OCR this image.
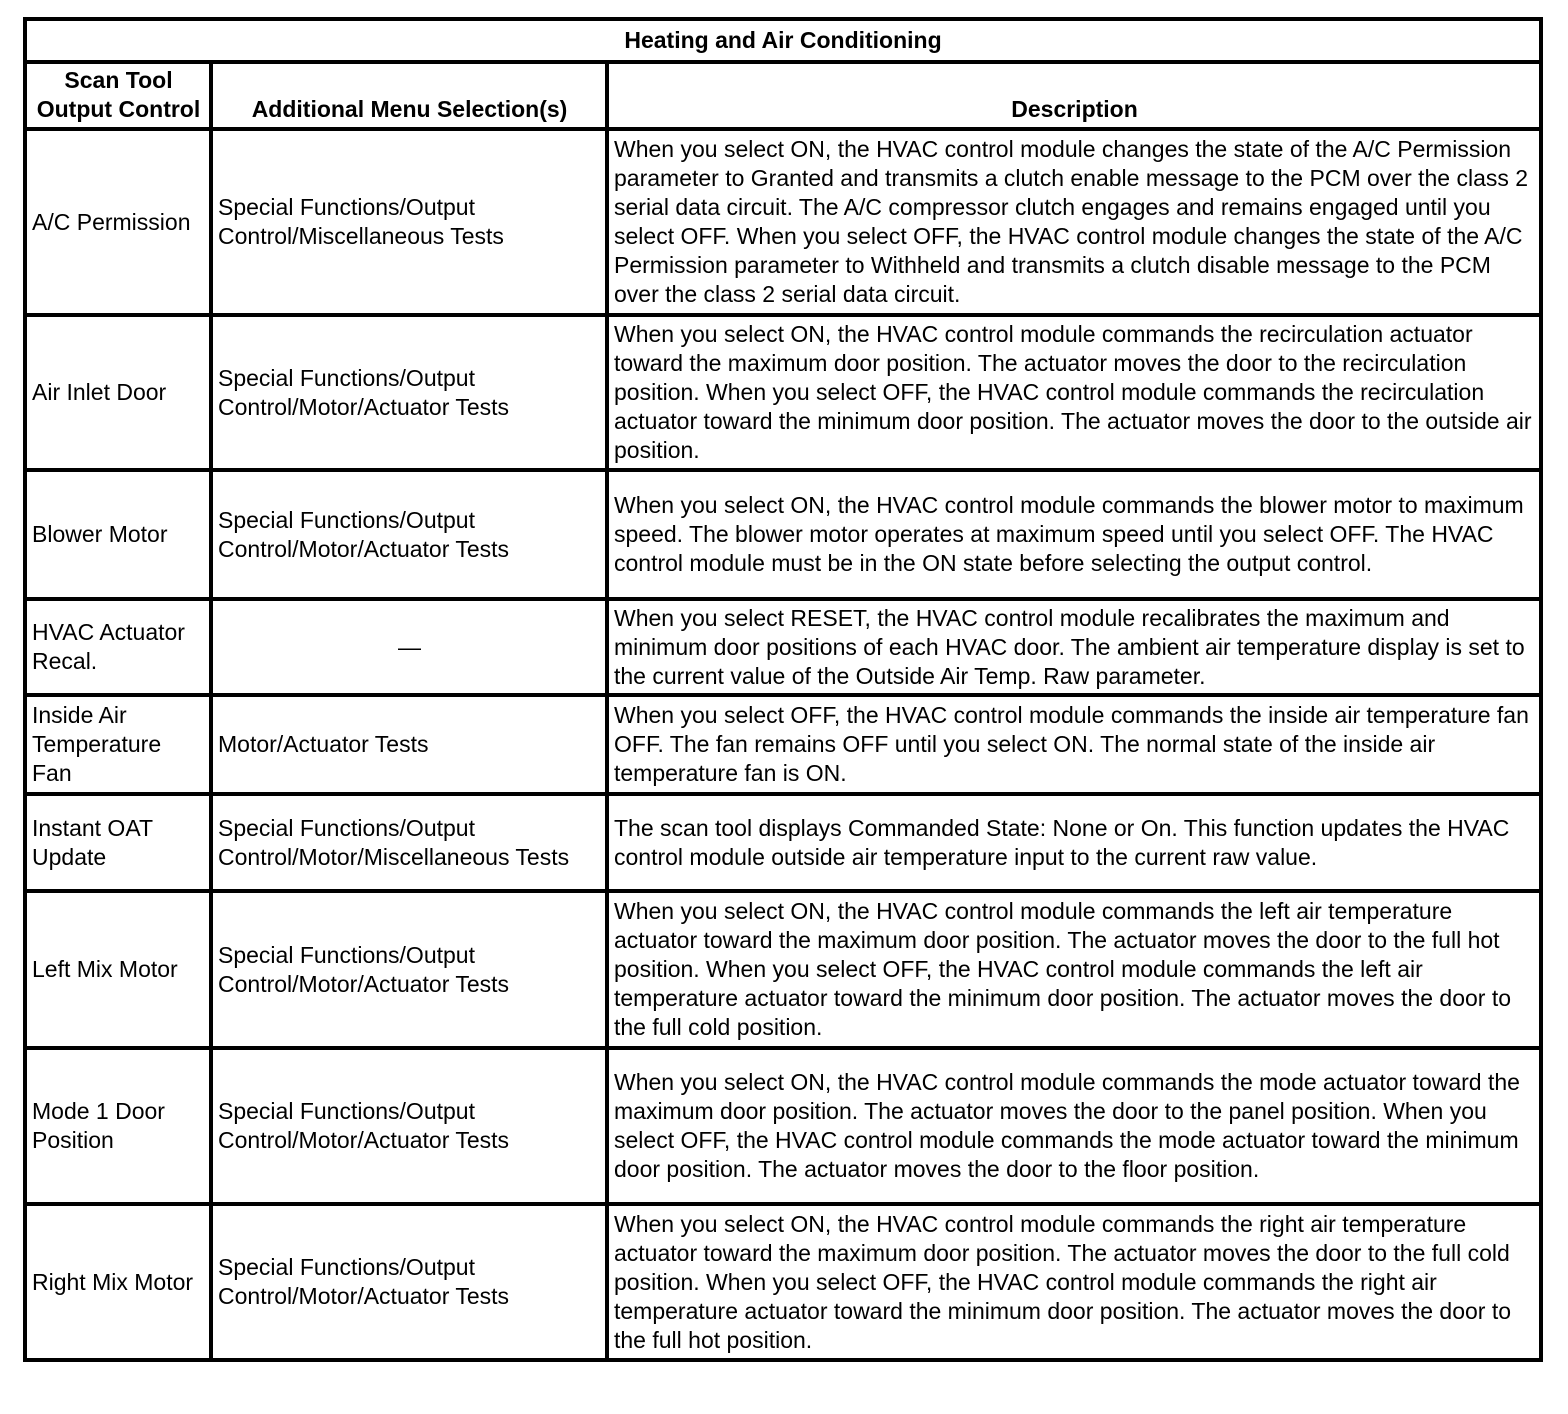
Heating and Air Conditioning		
Scan Tool Output Control	Additional Menu Selection(s)	Description
A/C Permission	Special Functions/Output Control/Miscellaneous Tests	When you select ON, the HVAC control module changes the state of the A/C Permission parameter to Granted and transmits a clutch enable message to the PCM over the class 2 serial data circuit. The A/C compressor clutch engages and remains engaged until you select OFF. When you select OFF, the HVAC control module changes the state of the A/C Permission parameter to Withheld and transmits a clutch disable message to the PCM over the class 2 serial data circuit.
Air Inlet Door	Special Functions/Output Control/Motor/Actuator Tests	When you select ON, the HVAC control module commands the recirculation actuator toward the maximum door position. The actuator moves the door to the recirculation position. When you select OFF, the HVAC control module commands the recirculation actuator toward the minimum door position. The actuator moves the door to the outside air position.
Blower Motor	Special Functions/Output Control/Motor/Actuator Tests	When you select ON, the HVAC control module commands the blower motor to maximum speed. The blower motor operates at maximum speed until you select OFF. The HVAC control module must be in the ON state before selecting the output control.
HVAC Actuator Recal.	—	When you select RESET, the HVAC control module recalibrates the maximum and minimum door positions of each HVAC door. The ambient air temperature display is set to the current value of the Outside Air Temp. Raw parameter.
Inside Air Temperature Fan	Motor/Actuator Tests	When you select OFF, the HVAC control module commands the inside air temperature fan OFF. The fan remains OFF until you select ON. The normal state of the inside air temperature fan is ON.
Instant OAT Update	Special Functions/Output Control/Motor/Miscellaneous Tests	The scan tool displays Commanded State: None or On. This function updates the HVAC control module outside air temperature input to the current raw value.
Left Mix Motor	Special Functions/Output Control/Motor/Actuator Tests	When you select ON, the HVAC control module commands the left air temperature actuator toward the maximum door position. The actuator moves the door to the full hot position. When you select OFF, the HVAC control module commands the left air temperature actuator toward the minimum door position. The actuator moves the door to the full cold position.
Mode 1 Door Position	Special Functions/Output Control/Motor/Actuator Tests	When you select ON, the HVAC control module commands the mode actuator toward the maximum door position. The actuator moves the door to the panel position. When you select OFF, the HVAC control module commands the mode actuator toward the minimum door position. The actuator moves the door to the floor position.
Right Mix Motor	Special Functions/Output Control/Motor/Actuator Tests	When you select ON, the HVAC control module commands the right air temperature actuator toward the maximum door position. The actuator moves the door to the full cold position. When you select OFF, the HVAC control module commands the right air temperature actuator toward the minimum door position. The actuator moves the door to the full hot position.
